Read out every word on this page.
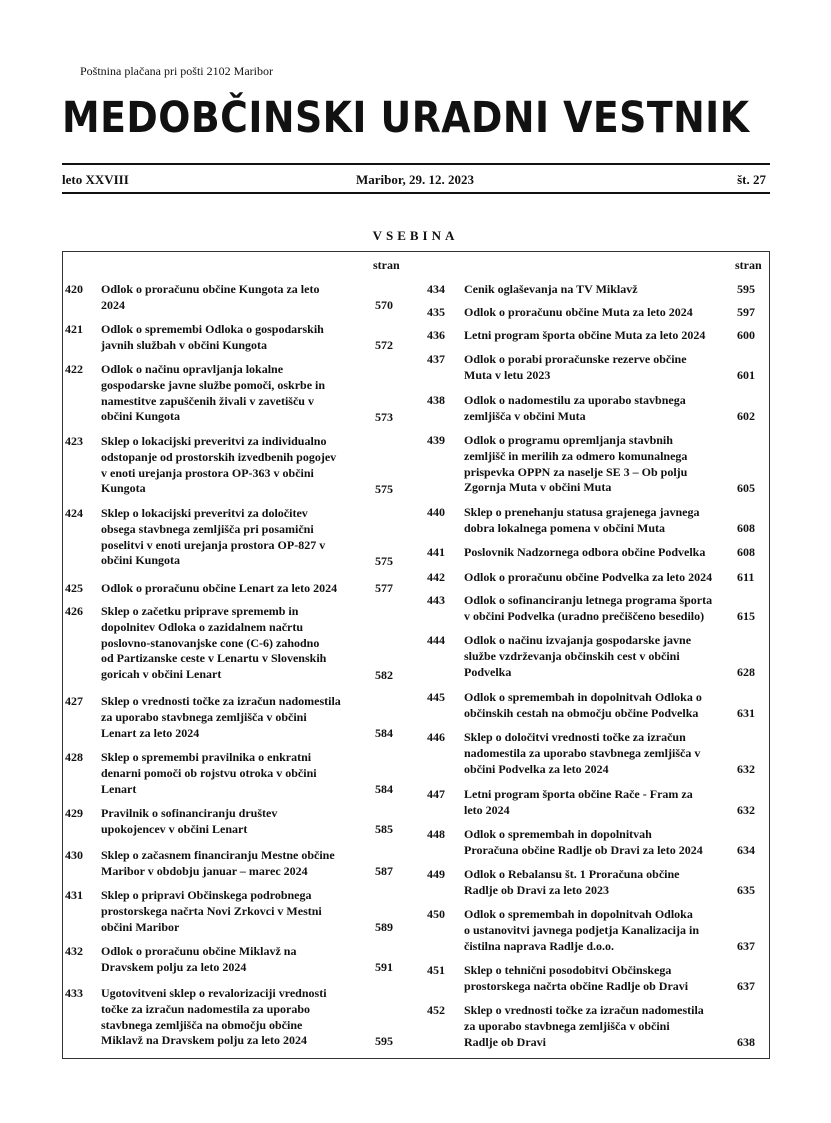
Poštnina plačana pri pošti 2102 Maribor
MEDOBČINSKI URADNI VESTNIK
leto XXVIII	Maribor, 29. 12. 2023	št. 27
VSEBINA
stran	stran
420 Odlok o proračunu občine Kungota za leto
2024	570
421 Odlok o spremembi Odloka o gospodarskih
javnih službah v občini Kungota	572
422 Odlok o načinu opravljanja lokalne
gospodarske javne službe pomoči, oskrbe in
namestitve zapuščenih živali v zavetišču v
občini Kungota	573
423 Sklep o lokacijski preveritvi za individualno
odstopanje od prostorskih izvedbenih pogojev
v enoti urejanja prostora OP-363 v občini
Kungota	575
424 Sklep o lokacijski preveritvi za določitev
obsega stavbnega zemljišča pri posamični
poselitvi v enoti urejanja prostora OP-827 v
občini Kungota	575
425 Odlok o proračunu občine Lenart za leto 2024	577
426 Sklep o začetku priprave sprememb in
dopolnitev Odloka o zazidalnem načrtu
poslovno-stanovanjske cone (C-6) zahodno
od Partizanske ceste v Lenartu v Slovenskih
goricah v občini Lenart	582
427 Sklep o vrednosti točke za izračun nadomestila
za uporabo stavbnega zemljišča v občini
Lenart za leto 2024	584
428 Sklep o spremembi pravilnika o enkratni
denarni pomoči ob rojstvu otroka v občini
Lenart	584
429 Pravilnik o sofinanciranju društev
upokojencev v občini Lenart	585
430 Sklep o začasnem financiranju Mestne občine
Maribor v obdobju januar – marec 2024	587
431 Sklep o pripravi Občinskega podrobnega
prostorskega načrta Novi Zrkovci v Mestni
občini Maribor	589
432 Odlok o proračunu občine Miklavž na
Dravskem polju za leto 2024	591
433 Ugotovitveni sklep o revalorizaciji vrednosti
točke za izračun nadomestila za uporabo
stavbnega zemljišča na območju občine
Miklavž na Dravskem polju za leto 2024	595
434 Cenik oglaševanja na TV Miklavž	595
435 Odlok o proračunu občine Muta za leto 2024	597
436 Letni program športa občine Muta za leto 2024	600
437 Odlok o porabi proračunske rezerve občine
Muta v letu 2023	601
438 Odlok o nadomestilu za uporabo stavbnega
zemljišča v občini Muta	602
439 Odlok o programu opremljanja stavbnih
zemljišč in merilih za odmero komunalnega
prispevka OPPN za naselje SE 3 – Ob polju
Zgornja Muta v občini Muta	605
440 Sklep o prenehanju statusa grajenega javnega
dobra lokalnega pomena v občini Muta	608
441 Poslovnik Nadzornega odbora občine Podvelka	608
442 Odlok o proračunu občine Podvelka za leto 2024	611
443 Odlok o sofinanciranju letnega programa športa
v občini Podvelka (uradno prečiščeno besedilo)	615
444 Odlok o načinu izvajanja gospodarske javne
službe vzdrževanja občinskih cest v občini
Podvelka	628
445 Odlok o spremembah in dopolnitvah Odloka o
občinskih cestah na območju občine Podvelka	631
446 Sklep o določitvi vrednosti točke za izračun
nadomestila za uporabo stavbnega zemljišča v
občini Podvelka za leto 2024	632
447 Letni program športa občine Rače - Fram za
leto 2024	632
448 Odlok o spremembah in dopolnitvah
Proračuna občine Radlje ob Dravi za leto 2024	634
449 Odlok o Rebalansu št. 1 Proračuna občine
Radlje ob Dravi za leto 2023	635
450 Odlok o spremembah in dopolnitvah Odloka
o ustanovitvi javnega podjetja Kanalizacija in
čistilna naprava Radlje d.o.o.	637
451 Sklep o tehnični posodobitvi Občinskega
prostorskega načrta občine Radlje ob Dravi	637
452 Sklep o vrednosti točke za izračun nadomestila
za uporabo stavbnega zemljišča v občini
Radlje ob Dravi	638
